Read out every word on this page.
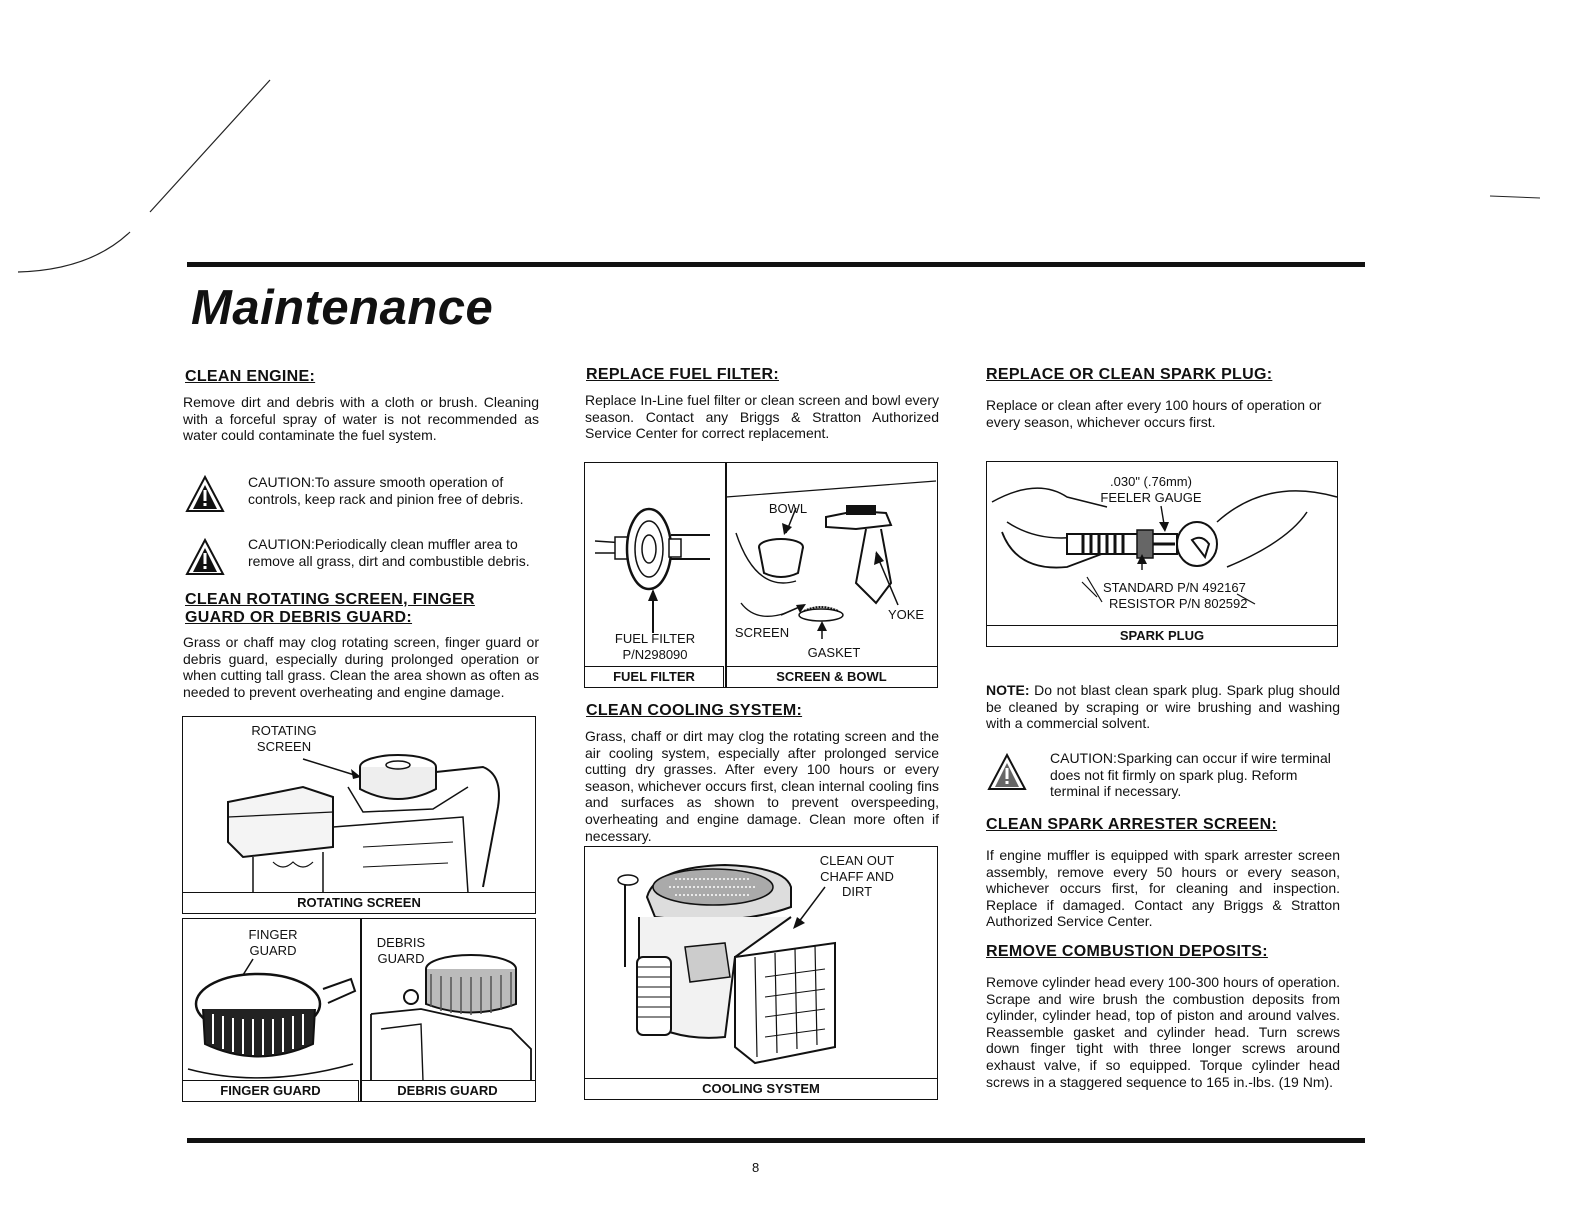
Maintenance
CLEAN ENGINE:
Remove dirt and debris with a cloth or brush. Cleaning with a forceful spray of water is not recommended as water could contaminate the fuel system.
CAUTION:To assure smooth operation of controls, keep rack and pinion free of debris.
CAUTION:Periodically clean muffler area to remove all grass, dirt and combustible debris.
CLEAN ROTATING SCREEN, FINGER
GUARD OR DEBRIS GUARD:
Grass or chaff may clog rotating screen, finger guard or debris guard, especially during prolonged operation or when cutting tall grass. Clean the area shown as often as needed to prevent overheating and engine damage.
ROTATING SCREEN
ROTATING SCREEN
FINGER GUARD	DEBRIS GUARD
FINGER GUARD	DEBRIS GUARD
REPLACE FUEL FILTER:
Replace In-Line fuel filter or clean screen and bowl every season. Contact any Briggs & Stratton Authorized Service Center for correct replacement.
FUEL FILTER
P/N298090
FUEL FILTER
BOWL
YOKE
SCREEN
GASKET
SCREEN & BOWL
CLEAN COOLING SYSTEM:
Grass, chaff or dirt may clog the rotating screen and the air cooling system, especially after prolonged service cutting dry grasses. After every 100 hours or every season, whichever occurs first, clean internal cooling fins and surfaces as shown to prevent overspeeding, overheating and engine damage. Clean more often if necessary.
CLEAN OUT CHAFF AND DIRT
COOLING SYSTEM
REPLACE OR CLEAN SPARK PLUG:
Replace or clean after every 100 hours of operation or every season, whichever occurs first.
.030" (.76mm)
FEELER GAUGE
STANDARD P/N 492167
RESISTOR P/N 802592
SPARK PLUG
NOTE: Do not blast clean spark plug. Spark plug should be cleaned by scraping or wire brushing and washing with a commercial solvent.
CAUTION:Sparking can occur if wire terminal does not fit firmly on spark plug. Reform terminal if necessary.
CLEAN SPARK ARRESTER SCREEN:
If engine muffler is equipped with spark arrester screen assembly, remove every 50 hours or every season, whichever occurs first, for cleaning and inspection. Replace if damaged. Contact any Briggs & Stratton Authorized Service Center.
REMOVE COMBUSTION DEPOSITS:
Remove cylinder head every 100-300 hours of operation. Scrape and wire brush the combustion deposits from cylinder, cylinder head, top of piston and around valves. Reassemble gasket and cylinder head. Turn screws down finger tight with three longer screws around exhaust valve, if so equipped. Torque cylinder head screws in a staggered sequence to 165 in.-lbs. (19 Nm).
8
